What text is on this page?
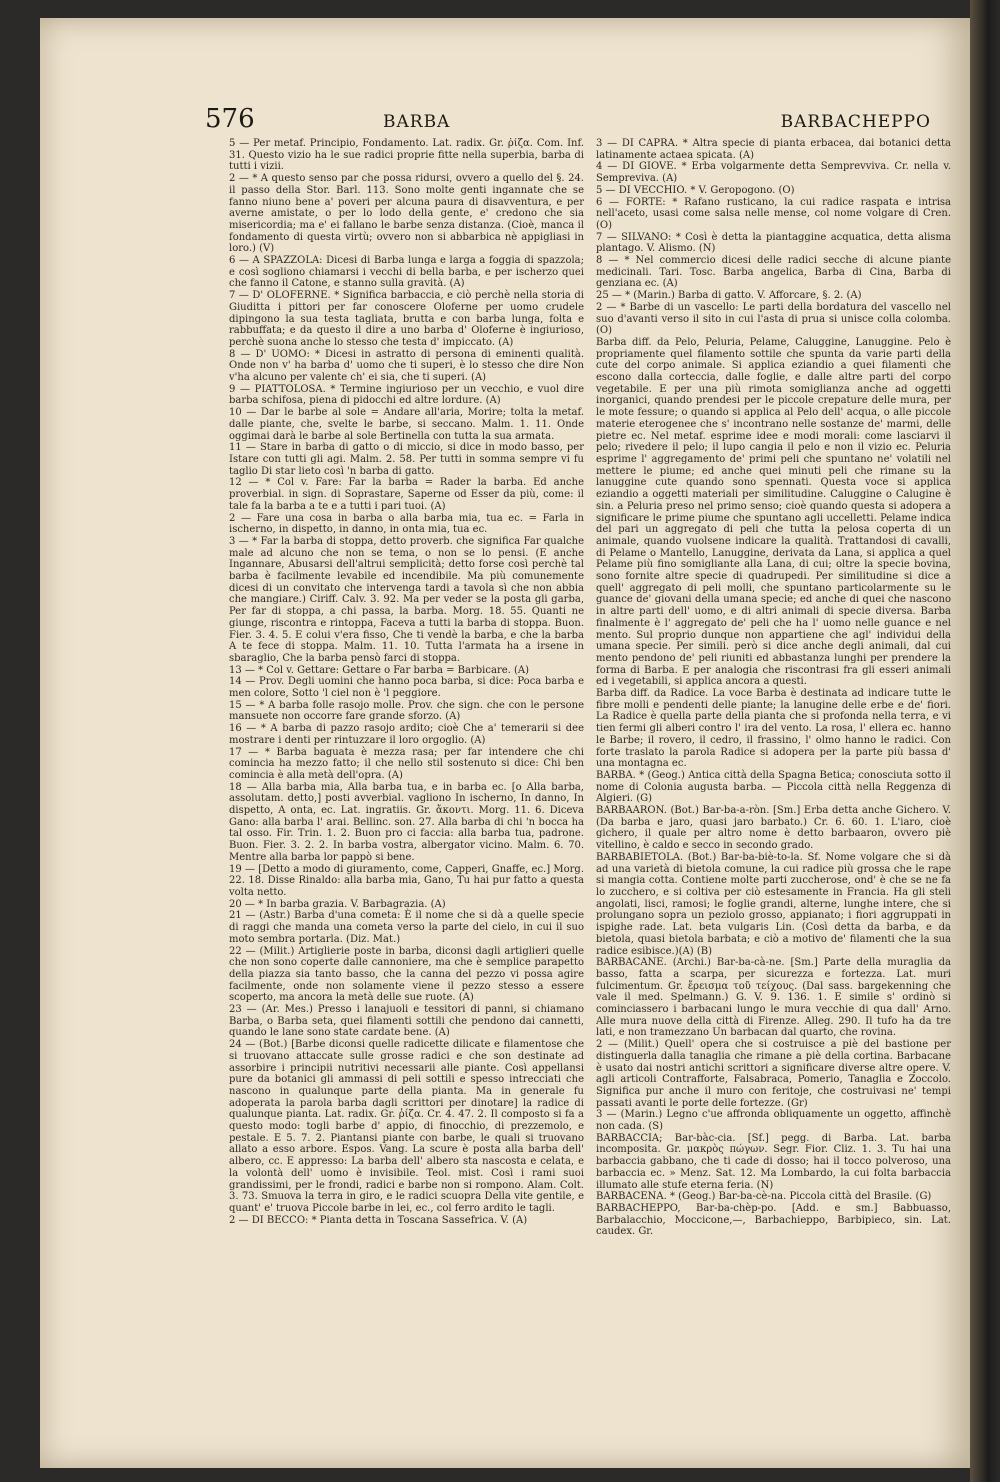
576	BARBA	BARBACHEPPO
5 — Per metaf. Principio, Fondamento. Lat. radix. Gr. ῥίζα. Com. Inf. 31. Questo vizio ha le sue radici proprie fitte nella superbia, barba di tutti i vizii.
2 — * A questo senso par che possa ridursi, ovvero a quello del §. 24. il passo della Stor. Barl. 113. Sono molte genti ingannate che se fanno niuno bene a' poveri per alcuna paura di disavventura, e per averne amistate, o per lo lodo della gente, e' credono che sia misericordia; ma e' ei fallano le barbe senza distanza. (Cioè, manca il fondamento di questa virtù; ovvero non si abbarbica nè appigliasi in loro.) (V)
6 — A SPAZZOLA: Dicesi di Barba lunga e larga a foggia di spazzola; e così sogliono chiamarsi i vecchi di bella barba, e per ischerzo quei che fanno il Catone, e stanno sulla gravità. (A)
7 — D' OLOFERNE. * Significa barbaccia, e ciò perchè nella storia di Giuditta i pittori per far conoscere Oloferne per uomo crudele dipingono la sua testa tagliata, brutta e con barba lunga, folta e rabbuffata; e da questo il dire a uno barba d' Oloferne è ingiurioso, perchè suona anche lo stesso che testa d' impiccato. (A)
8 — D' UOMO: * Dicesi in astratto di persona di eminenti qualità. Onde non v' ha barba d' uomo che ti superi, è lo stesso che dire Non v'ha alcuno per valente ch' ei sia, che ti superi. (A)
9 — PIATTOLOSA. * Termine ingiurioso per un vecchio, e vuol dire barba schifosa, piena di pidocchi ed altre lordure. (A)
10 — Dar le barbe al sole = Andare all'aria, Morire; tolta la metaf. dalle piante, che, svelte le barbe, si seccano. Malm. 1. 11. Onde oggimai darà le barbe al sole Bertinella con tutta la sua armata.
11 — Stare in barba di gatto o di miccio, si dice in modo basso, per Istare con tutti gli agi. Malm. 2. 58. Per tutti in somma sempre vi fu taglio Di star lieto così 'n barba di gatto.
12 — * Col v. Fare: Far la barba = Rader la barba. Ed anche proverbial. in sign. di Soprastare, Saperne od Esser da più, come: il tale fa la barba a te e a tutti i pari tuoi. (A)
2 — Fare una cosa in barba o alla barba mia, tua ec. = Farla in ischerno, in dispetto, in danno, in onta mia, tua ec.
3 — * Far la barba di stoppa, detto proverb. che significa Far qualche male ad alcuno che non se tema, o non se lo pensi. (E anche Ingannare, Abusarsi dell'altrui semplicità; detto forse così perchè tal barba è facilmente levabile ed incendibile. Ma più comunemente dicesi di un convitato che intervenga tardi a tavola sì che non abbia che mangiare.) Ciriff. Calv. 3. 92. Ma per veder se la posta gli garba, Per far di stoppa, a chi passa, la barba. Morg. 18. 55. Quanti ne giunge, riscontra e rintoppa, Faceva a tutti la barba di stoppa. Buon. Fier. 3. 4. 5. E colui v'era fisso, Che ti vendè la barba, e che la barba A te fece di stoppa. Malm. 11. 10. Tutta l'armata ha a irsene in sbaraglio, Che la barba pensò farci di stoppa.
13 — * Col v. Gettare: Gettare o Far barba = Barbicare. (A)
14 — Prov. Degli uomini che hanno poca barba, si dice: Poca barba e men colore, Sotto 'l ciel non è 'l peggiore.
15 — * A barba folle rasojo molle. Prov. che sign. che con le persone mansuete non occorre fare grande sforzo. (A)
16 — * A barba di pazzo rasojo ardito; cioè Che a' temerarii si dee mostrare i denti per rintuzzare il loro orgoglio. (A)
17 — * Barba baguata è mezza rasa; per far intendere che chi comincia ha mezzo fatto; il che nello stil sostenuto si dice: Chi ben comincia è alla metà dell'opra. (A)
18 — Alla barba mia, Alla barba tua, e in barba ec. [o Alla barba, assolutam. detto,] posti avverbial. vagliono In ischerno, In danno, In dispetto, A onta, ec. Lat. ingratiis. Gr. ἄκοντι. Morg. 11. 6. Diceva Gano: alla barba l' arai. Bellinc. son. 27. Alla barba di chi 'n bocca ha tal osso. Fir. Trin. 1. 2. Buon pro ci faccia: alla barba tua, padrone. Buon. Fier. 3. 2. 2. In barba vostra, albergator vicino. Malm. 6. 70. Mentre alla barba lor pappò si bene.
19 — [Detto a modo di giuramento, come, Capperi, Gnaffe, ec.] Morg. 22. 18. Disse Rinaldo: alla barba mia, Gano, Tu hai pur fatto a questa volta netto.
20 — * In barba grazia. V. Barbagrazia. (A)
21 — (Astr.) Barba d'una cometa: È il nome che si dà a quelle specie di raggi che manda una cometa verso la parte del cielo, in cui il suo moto sembra portarla. (Diz. Mat.)
22 — (Milit.) Artiglierie poste in barba, diconsi dagli artiglieri quelle che non sono coperte dalle cannoniere, ma che è semplice parapetto della piazza sia tanto basso, che la canna del pezzo vi possa agire facilmente, onde non solamente viene il pezzo stesso a essere scoperto, ma ancora la metà delle sue ruote. (A)
23 — (Ar. Mes.) Presso i lanajuoli e tessitori di panni, si chiamano Barba, o Barba seta, quei filamenti sottili che pendono dai cannetti, quando le lane sono state cardate bene. (A)
24 — (Bot.) [Barbe diconsi quelle radicette dilicate e filamentose che si truovano attaccate sulle grosse radici e che son destinate ad assorbire i principii nutritivi necessarii alle piante. Così appellansi pure da botanici gli ammassi di peli sottili e spesso intrecciati che nascono in qualunque parte della pianta. Ma in generale fu adoperata la parola barba dagli scrittori per dinotare] la radice di qualunque pianta. Lat. radix. Gr. ῥίζα. Cr. 4. 47. 2. Il composto si fa a questo modo: togli barbe d' appio, di finocchio, di prezzemolo, e pestale. E 5. 7. 2. Piantansi piante con barbe, le quali si truovano allato a esso arbore. Espos. Vang. La scure è posta alla barba dell' albero, cc. E appresso: La barba dell' albero sta nascosta e celata, e la volontà dell' uomo è invisibile. Teol. mist. Così i rami suoi grandissimi, per le frondi, radici e barbe non si rompono. Alam. Colt. 3. 73. Smuova la terra in giro, e le radici scuopra Della vite gentile, e quant' e' truova Piccole barbe in lei, ec., col ferro ardito le tagli.
2 — DI BECCO: * Pianta detta in Toscana Sassefrica. V. (A)
3 — DI CAPRA. * Altra specie di pianta erbacea, dai botanici detta latinamente actaea spicata. (A)
4 — DI GIOVE. * Erba volgarmente detta Semprevviva. Cr. nella v. Sempreviva. (A)
5 — DI VECCHIO. * V. Geropogono. (O)
6 — FORTE: * Rafano rusticano, la cui radice raspata e intrisa nell'aceto, usasi come salsa nelle mense, col nome volgare di Cren. (O)
7 — SILVANO: * Così è detta la piantaggine acquatica, detta alisma plantago. V. Alismo. (N)
8 — * Nel commercio dicesi delle radici secche di alcune piante medicinali. Tari. Tosc. Barba angelica, Barba di Cina, Barba di genziana ec. (A)
25 — * (Marin.) Barba di gatto. V. Afforcare, §. 2. (A)
2 — * Barbe di un vascello: Le parti della bordatura del vascello nel suo d'avanti verso il sito in cui l'asta di prua si unisce colla colomba. (O)
Barba diff. da Pelo, Peluria, Pelame, Caluggine, Lanuggine. Pelo è propriamente quel filamento sottile che spunta da varie parti della cute del corpo animale. Si applica eziandio a quei filamenti che escono dalla corteccia, dalle foglie, e dalle altre parti del corpo vegetabile. E per una più rimota somiglianza anche ad oggetti inorganici, quando prendesi per le piccole crepature delle mura, per le mote fessure; o quando si applica al Pelo dell' acqua, o alle piccole materie eterogenee che s' incontrano nelle sostanze de' marmi, delle pietre ec. Nel metaf. esprime idee e modi morali: come lasciarvi il pelo; rivedere il pelo; il lupo cangia il pelo e non il vizio ec. Peluria esprime l' aggregamento de' primi peli che spuntano ne' volatili nel mettere le piume; ed anche quei minuti peli che rimane su la lanuggine cute quando sono spennati. Questa voce si applica eziandio a oggetti materiali per similitudine. Caluggine o Calugine è sin. a Peluria preso nel primo senso; cioè quando questa si adopera a significare le prime piume che spuntano agli uccelletti. Pelame indica del pari un aggregato di peli che tutta la pelosa coperta di un animale, quando vuolsene indicare la qualità. Trattandosi di cavalli, di Pelame o Mantello, Lanuggine, derivata da Lana, si applica a quel Pelame più fino somigliante alla Lana, di cui; oltre la specie bovina, sono fornite altre specie di quadrupedi. Per similitudine si dice a quell' aggregato di peli molli, che spuntano particolarmente su le guance de' giovani della umana specie; ed anche di quei che nascono in altre parti dell' uomo, e di altri animali di specie diversa. Barba finalmente è l' aggregato de' peli che ha l' uomo nelle guance e nel mento. Sul proprio dunque non appartiene che agl' individui della umana specie. Per simili. però si dice anche degli animali, dal cui mento pendono de' peli riuniti ed abbastanza lunghi per prendere la forma di Barba. E per analogia che riscontrasi fra gli esseri animali ed i vegetabili, si applica ancora a questi.
Barba diff. da Radice. La voce Barba è destinata ad indicare tutte le fibre molli e pendenti delle piante; la lanugine delle erbe e de' fiori. La Radice è quella parte della pianta che si profonda nella terra, e vi tien fermi gli alberi contro l' ira del vento. La rosa, l' ellera ec. hanno le Barbe; il rovero, il cedro, il frassino, l' olmo hanno le radici. Con forte traslato la parola Radice si adopera per la parte più bassa d' una montagna ec.
BARBA. * (Geog.) Antica città della Spagna Betica; conosciuta sotto il nome di Colonia augusta barba. — Piccola città nella Reggenza di Algieri. (G)
BARBAARON. (Bot.) Bar-ba-a-ròn. [Sm.] Erba detta anche Gichero. V. (Da barba e jaro, quasi jaro barbato.) Cr. 6. 60. 1. L'iaro, cioè gichero, il quale per altro nome è detto barbaaron, ovvero piè vitellino, è caldo e secco in secondo grado.
BARBABIETOLA. (Bot.) Bar-ba-biè-to-la. Sf. Nome volgare che si dà ad una varietà di bietola comune, la cui radice più grossa che le rape si mangia cotta. Contiene molte parti zuccherose, ond' è che se ne fa lo zucchero, e si coltiva per ciò estesamente in Francia. Ha gli steli angolati, lisci, ramosi; le foglie grandi, alterne, lunghe intere, che si prolungano sopra un peziolo grosso, appianato; i fiori aggruppati in ispighe rade. Lat. beta vulgaris Lin. (Così detta da barba, e da bietola, quasi bietola barbata; e ciò a motivo de' filamenti che la sua radice esibisce.)(A) (B)
BARBACANE. (Archi.) Bar-ba-cà-ne. [Sm.] Parte della muraglia da basso, fatta a scarpa, per sicurezza e fortezza. Lat. muri fulcimentum. Gr. ἔρεισμα τοῦ τείχους. (Dal sass. bargekenning che vale il med. Spelmann.) G. V. 9. 136. 1. E simile s' ordinò si cominciassero i barbacani lungo le mura vecchie di qua dall' Arno. Alle mura nuove della città di Firenze. Alleg. 290. Il tufo ha da tre lati, e non tramezzano Un barbacan dal quarto, che rovina.
2 — (Milit.) Quell' opera che si costruisce a piè del bastione per distinguerla dalla tanaglia che rimane a piè della cortina. Barbacane è usato dai nostri antichi scrittori a significare diverse altre opere. V. agli articoli Contrafforte, Falsabraca, Pomerio, Tanaglia e Zoccolo. Significa pur anche il muro con feritoje, che costruivasi ne' tempi passati avanti le porte delle fortezze. (Gr)
3 — (Marin.) Legno c'ue affronda obliquamente un oggetto, affinchè non cada. (S)
BARBACCIA; Bar-bàc-cia. [Sf.] pegg. di Barba. Lat. barba incomposita. Gr. μακρὸς πώγων. Segr. Fior. Cliz. 1. 3. Tu hai una barbaccia gabbano, che ti cade di dosso; hai il tocco polveroso, una barbaccia ec. » Menz. Sat. 12. Ma Lombardo, la cui folta barbaccia illumato alle stufe eterna feria. (N)
BARBACENA. * (Geog.) Bar-ba-cè-na. Piccola città del Brasile. (G)
BARBACHEPPO, Bar-ba-chèp-po. [Add. e sm.] Babbuasso, Barbalacchio, Moccicone,—, Barbachieppo, Barbipieco, sin. Lat. caudex. Gr.
